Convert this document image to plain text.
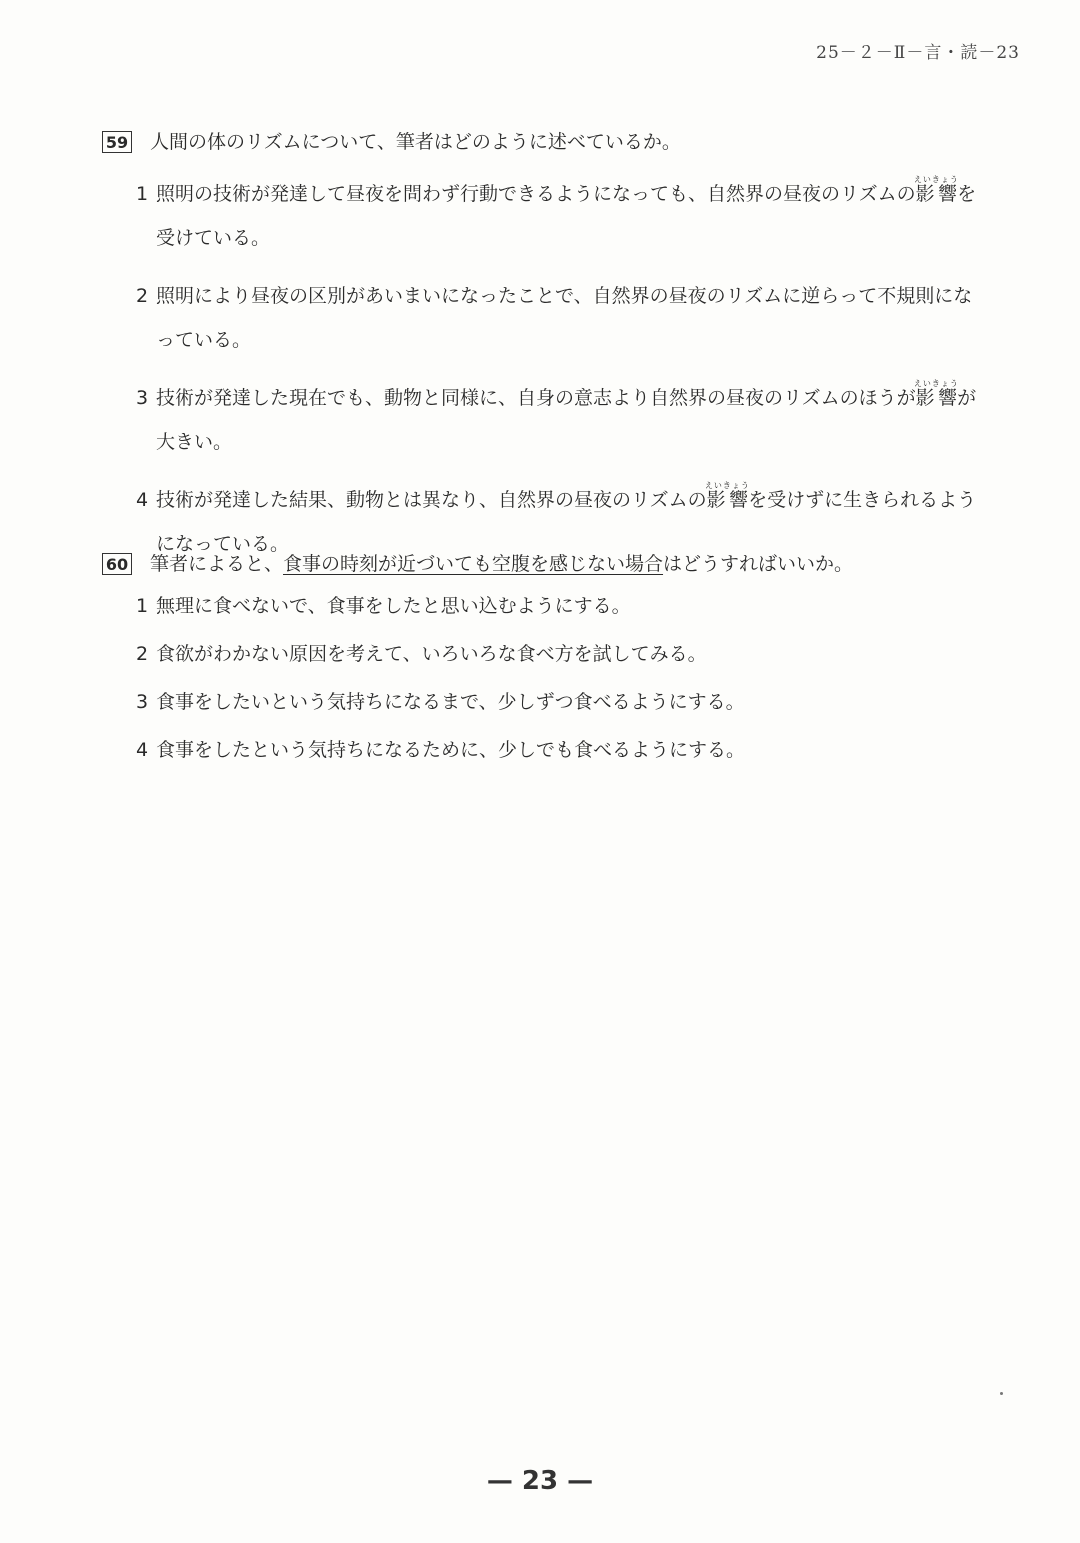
25－２－Ⅱ－言・読－23
59 人間の体のリズムについて、筆者はどのように述べているか。
1 照明の技術が発達して昼夜を問わず行動できるようになっても、自然界の昼夜のリズムの影響えいきょうを受けている。
2 照明により昼夜の区別があいまいになったことで、自然界の昼夜のリズムに逆らって不規則になっている。
3 技術が発達した現在でも、動物と同様に、自身の意志より自然界の昼夜のリズムのほうが影響えいきょうが大きい。
4 技術が発達した結果、動物とは異なり、自然界の昼夜のリズムの影響えいきょうを受けずに生きられるようになっている。
60 筆者によると、食事の時刻が近づいても空腹を感じない場合はどうすればいいか。
1 無理に食べないで、食事をしたと思い込むようにする。
2 食欲がわかない原因を考えて、いろいろな食べ方を試してみる。
3 食事をしたいという気持ちになるまで、少しずつ食べるようにする。
4 食事をしたという気持ちになるために、少しでも食べるようにする。
— 23 —
